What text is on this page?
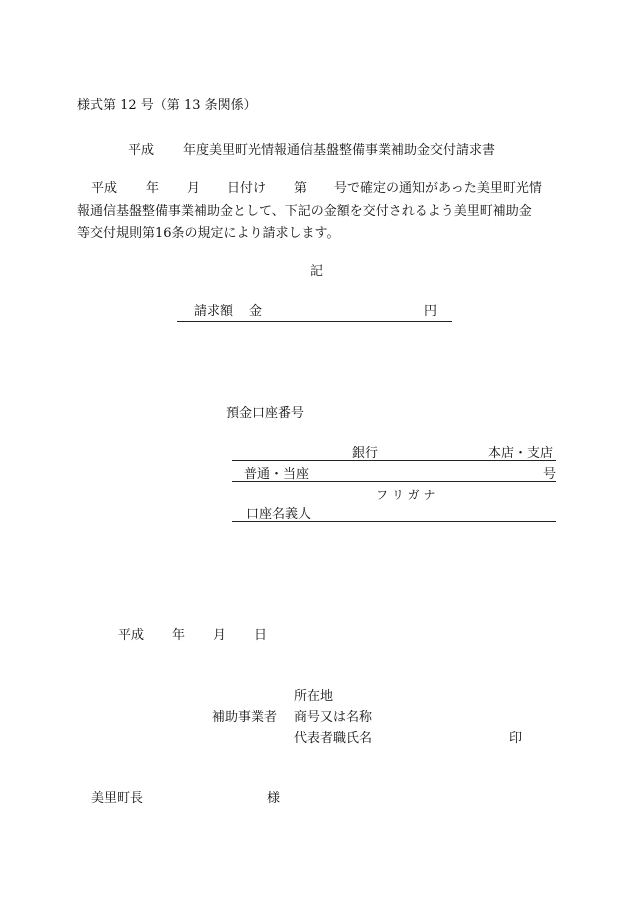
様式第 12 号（第 13 条関係）
平成 年度美里町光情報通信基盤整備事業補助金交付請求書
平成 年 月 日付け 第 号で確定の通知があった美里町光情
報通信基盤整備事業補助金として、下記の金額を交付されるよう美里町補助金
等交付規則第16条の規定により請求します。
記
請求額 金	円
預金口座番号
銀行	本店・支店
普通・当座	号
フ リ ガ ナ
口座名義人
平成 年 月 日
所在地
補助事業者 商号又は名称
代表者職氏名	印
美里町長	様
